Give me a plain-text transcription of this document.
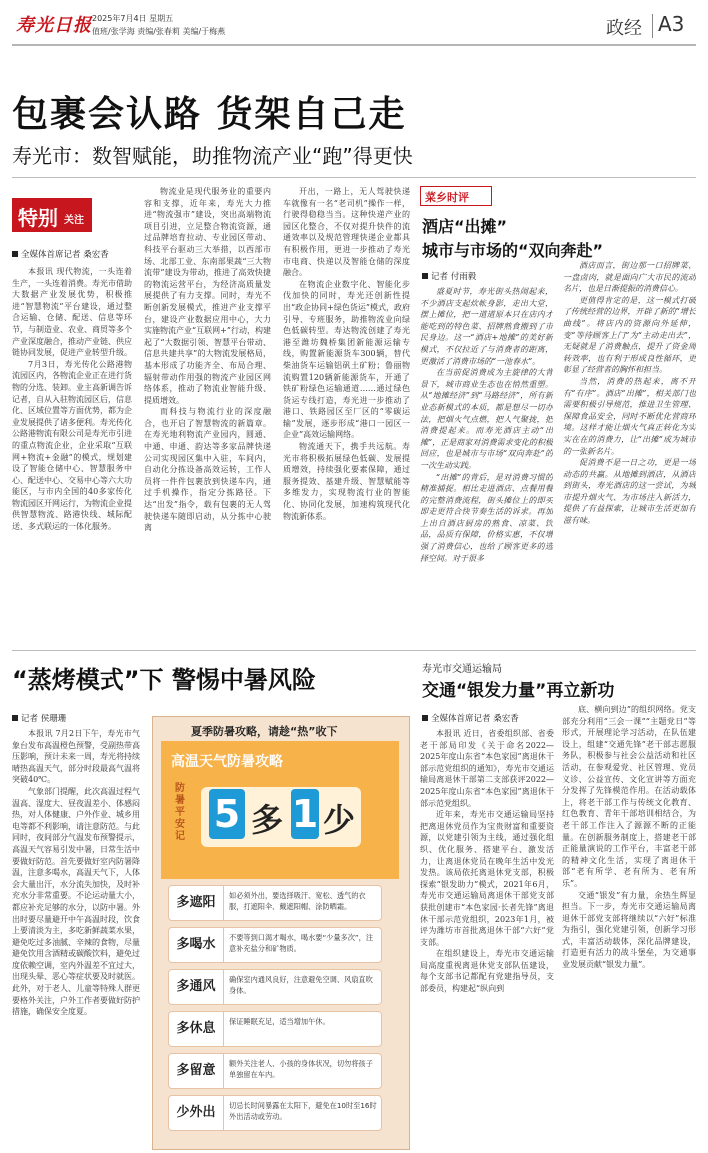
寿光日报 2025年7月4日 星期五
值班/张学海 责编/张春莉 美编/于梅燕	政经 A3
包裹会认路 货架自己走
寿光市：数智赋能，助推物流产业“跑”得更快
特别 关注
全媒体首席记者 桑宏香

本报讯 现代物流，一头连着生产，一头连着消费。寿光市借助大数据产业发展优势，积极推进“智慧物流”平台建设，通过整合运输、仓储、配送、信息等环节，与制造业、农业、商贸等多个产业深度融合，推动产业链、供应链协同发展，促进产业转型升级。

7月3日，寿光传化公路港物流园区内，各物流企业正在进行货物的分选、装卸。业主高新调告诉记者，自从入驻物流园区后，信息化、区域位置等方面优势，都为企业发展提供了诸多便利。寿光传化公路港物流有限公司是寿光市引进的重点物流企业，企业采取“互联网+物流+金融”的模式，规划建设了智能仓储中心、智慧服务中心、配送中心、交易中心等六大功能区，与市内全国的40多家传化物流园区开网运行，为物流企业提供智慧物流、路港快线、城际配送、多式联运的一体化服务。

物流业是现代服务业的重要内容和支撑，近年来，寿光大力推进“物流强市”建设，突出高端物流项目引进，立足整合物流资源，通过品牌培育拉动、专业园区带动、科技平台驱动三大举措，以西部市场、北部工业、东南部果蔬“三大物流带”建设为带动，推进了高效快捷的物流运营平台，为经济高质量发展提供了有力支撑。同时，寿光不断创新发展模式，推进产业支撑平台，建设产业数据应用中心，大力实施物流产业“互联网+”行动，构建起了“大数据引领、智慧平台带动、信息共建共享”的大物流发展格局，基本形成了功能齐全、布局合理、辐射带动作用强的物流产业园区网络体系，推动了物流业智能升级、提质增效。

而科技与物流行业的深度融合，也开启了智慧物流的新篇章。在寿光地利物流产业园内，圆通、中通、申通、韵达等多家品牌快递公司实现园区集中入驻，车间内，自动化分拣设备高效运转，工作人员将一件件包裹放到快递车内，通过手机操作，指定分拣路径。下达“出发”指令，载有包裹的无人驾驶快递车随即启动，从分拣中心驶离

开出，一路上，无人驾驶快递车就像有一名“老司机”操作一样，行驶得稳稳当当。这种快递产业的园区化整合，不仅对提升快件的流通效率以及规范管理快递企业都具有积极作用，更进一步推动了寿光市电商、快递以及智能仓储的深度融合。

在物流企业数字化、智能化步伐加快的同时，寿光还创新性提出“政企协同+绿色货运”模式，政府引导、专班服务，助推物流业向绿色低碳转型。寿达物流创建了寿光港至潍坊魏桥集团新能源运输专线，购置新能源货车300辆，替代柴油货车运输铝矾土矿粉；鲁丽物流购置120辆新能源货车，开通了铁矿粉绿色运输通道……通过绿色货运专线打造，寿光进一步推动了港口、铁路园区至厂区的“零碳运输”发展，逐步形成“港口一园区一企业”高效运输网络。

物流通天下，携手共远航。寿光市将积极拓展绿色低碳、发展提质增效，持续强化要素保障，通过服务提效、基建升级、智慧赋能等多维发力，实现物流行业的智能化、协同化发展，加速构筑现代化物流新体系。

菜乡时评
酒店“出摊”
城市与市场的“双向奔赴”
记者 付雨毅

盛夏时节，寿光街头热闹起来，不少酒店支起炊帐身影，走出大堂，摆上摊位，把一道道原本只在店内才能吃到的特色菜、招牌熟食搬到了市民身边。这一“酒店+地摊”的美好新模式，不仅拉近了与消费者的距离，更激活了消费市场的“一池春水”。

在当前促消费成为主旋律的大背景下，城市商业生态也在悄然重塑。从“地摊经济”到“马路经济”，所有新业态新模式的本质，都是想尽一切办法，把烟火气点燃，把人气聚拢，把消费提起来。而寿光酒店主动“出摊”，正是商家对消费需求变化的积极回应，也是城市与市场“双向奔赴”的一次生动实践。

“出摊”的背后，是对消费习惯的精准捕捉。相比走进酒店、点餐用餐的完整消费流程，街头摊位上的即买即走更符合快节奏生活的诉求。再加上出自酒店厨房的熟食、凉菜、饮品，品质有保障，价格实惠，不仅增强了消费信心，也给了顾客更多的选择空间。对于很多

酒店而言，街边那一口招牌菜、一盘卤肉，就是面向广大市民的流动名片，也是日渐提振的消费信心。

更值得肯定的是，这一模式打破了传统经营的边界，开辟了新的“增长曲线”。将店内的资源向外延伸，变“等待顾客上门”为“主动走出去”，无疑就是了消费触点，提升了资金周转效率，也有利于形成良性循环，更彰显了经营者的胸怀和担当。

当然，消费的热起来，离不开有“有序”。酒店“出摊”，相关部门也需要积极引导规范，推进卫生管理、保障食品安全，同时不断优化营商环境。这样才能让烟火气真正转化为实实在在的消费力，让“出摊”成为城市的一张新名片。

促消费不是一日之功，更是一场动态的共赢。从地摊到酒店，从酒店到街头，寿光酒店的这一尝试，为城市提升烟火气、为市场注入新活力，提供了有益探索，让城市生活更加有滋有味。

“蒸烤模式”下 警惕中暑风险
记者 侯珊珊

本报讯 7月2日下午，寿光市气象台发布高温橙色预警，受副热带高压影响，预计未来一周，寿光将持续晴热高温天气，部分时段最高气温将突破40℃。

气象部门提醒，此次高温过程气温高、湿度大、昼夜温差小、体感闷热，对人体健康、户外作业、城乡用电等都不利影响，请注意防范。与此同时，夜间部分气温发布预警提示，高温天气容易引发中暑，日常生活中要做好防范。首先要做好室内防暑降温，注意多喝水，高温天气下，人体会大量出汗，水分流失加快，及时补充水分非常重要。不论运动量大小，都应补充足够的水分，以防中暑。外出时要尽量避开中午高温时段，饮食上要清淡为主，多吃新鲜蔬菜水果，避免吃过多油腻、辛辣的食物，尽量避免饮用含酒精或碳酸饮料，避免过度依赖空调，室内外温差不宜过大，出现头晕、恶心等症状要及时就医。此外，对于老人、儿童等特殊人群更要格外关注，户外工作者要做好防护措施，确保安全度夏。

夏季防暑攻略，请趁“热”收下
高温天气防暑攻略
防暑平安记
5 多 1 少
多遮阳	如必须外出，要选择吸汗、宽松、透气的衣服，打遮阳伞、戴遮阳帽、涂防晒霜。
多喝水	不要等到口渴才喝水，喝水要“少量多次”，注意补充盐分和矿物质。
多通风	确保室内通风良好，注意避免空调、风扇直吹身体。
多休息	保证睡眠充足，适当增加午休。
多留意	额外关注老人、小孩的身体状况，切勿将孩子单独留在车内。
少外出	切忌长时间暴露在太阳下，避免在10时至16时外出活动或劳动。
寿光市交通运输局
交通“银发力量”再立新功
全媒体首席记者 桑宏香

本报讯 近日，省委组织部、省委老干部局印发《关于命名2022—2025年度山东省“本色家园”离退休干部示范党组织的通知》，寿光市交通运输局离退休干部第二支部获评2022—2025年度山东省“本色家园”离退休干部示范党组织。

近年来，寿光市交通运输局坚持把离退休党员作为宝贵财富和重要资源，以党建引领为主线，通过强化组织、优化服务、搭建平台、激发活力，让离退休党员在晚年生活中发光发热。该局依托离退休党支部，积极探索“银发助力”模式，2021年6月，寿光市交通运输局离退休干部党支部获批创建市“本色家园·长者先锋”离退休干部示范党组织，2023年1月，被评为潍坊市首批离退休干部“六好”党支部。

在组织建设上，寿光市交通运输局高度重视离退休党支部队伍建设，每个支部书记都配有党建指导员，支部委员，构建起“纵向到

底、横向到边”的组织网络。党支部充分利用“三会一课”“主题党日”等形式，开展理论学习活动，在队伍建设上，组建“交通先锋”老干部志愿服务队，积极参与社会公益活动和社区活动，在参观爱党、社区管理、党员义诊、公益宣传、文化宣讲等方面充分发挥了先锋模范作用。在活动载体上，将老干部工作与传统文化教育、红色教育、青年干部培训相结合，为老干部工作注入了源源不断的正能量。在创新服务制度上，搭建老干部正能量演说的工作平台，丰富老干部的精神文化生活，实现了离退休干部“老有所学、老有所为、老有所乐”。

交通“银发”有力量，余热生辉显担当。下一步，寿光市交通运输局离退休干部党支部将继续以“六好”标准为指引，强化党建引领，创新学习形式，丰富活动载体，深化品牌建设，打造更有活力的战斗堡垒，为交通事业发展贡献“银发力量”。
